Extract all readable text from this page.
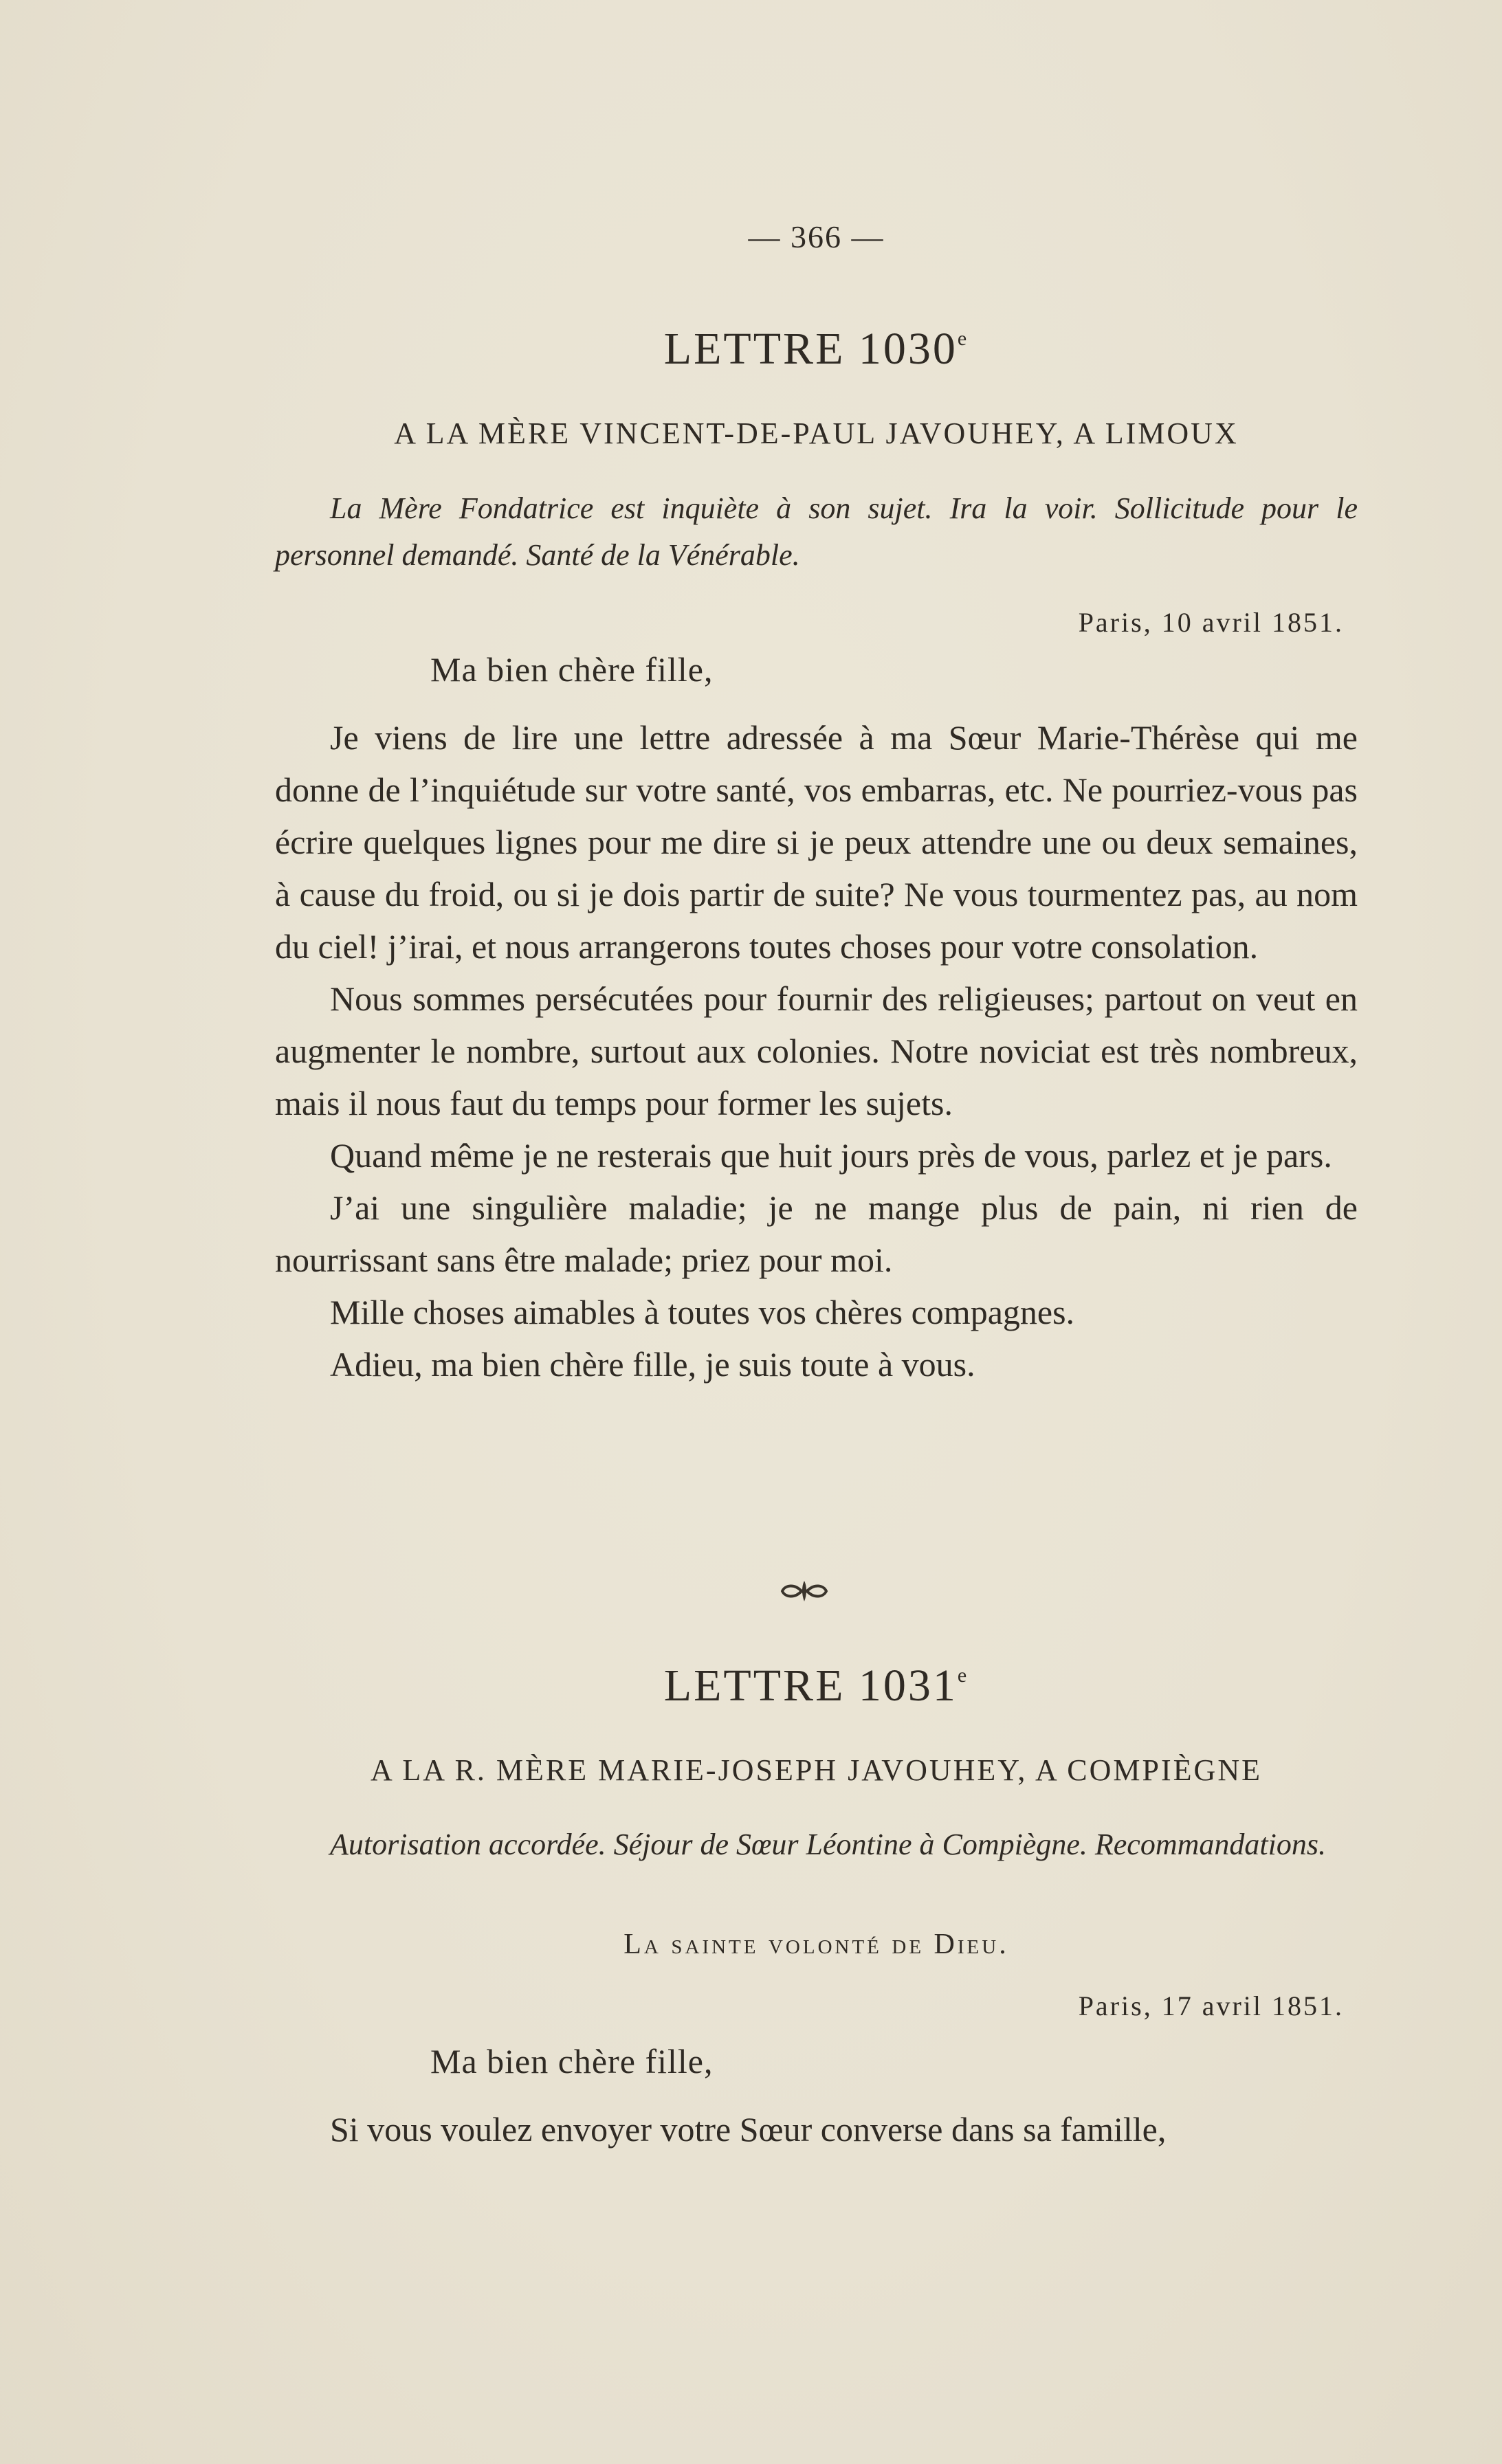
— 366 —
LETTRE 1030e
A LA MÈRE VINCENT-DE-PAUL JAVOUHEY, A LIMOUX
La Mère Fondatrice est inquiète à son sujet. Ira la voir. Sollicitude pour le personnel demandé. Santé de la Vénérable.
Paris, 10 avril 1851.
Ma bien chère fille,

Je viens de lire une lettre adressée à ma Sœur Marie-Thérèse qui me donne de l’inquiétude sur votre santé, vos embarras, etc. Ne pourriez-vous pas écrire quelques lignes pour me dire si je peux attendre une ou deux semaines, à cause du froid, ou si je dois partir de suite? Ne vous tourmentez pas, au nom du ciel! j’irai, et nous arrangerons toutes choses pour votre consolation.

Nous sommes persécutées pour fournir des religieuses; partout on veut en augmenter le nombre, surtout aux colonies. Notre noviciat est très nombreux, mais il nous faut du temps pour former les sujets.

Quand même je ne resterais que huit jours près de vous, parlez et je pars.

J’ai une singulière maladie; je ne mange plus de pain, ni rien de nourrissant sans être malade; priez pour moi.

Mille choses aimables à toutes vos chères compagnes.

Adieu, ma bien chère fille, je suis toute à vous.

LETTRE 1031e
A LA R. MÈRE MARIE-JOSEPH JAVOUHEY, A COMPIÈGNE
Autorisation accordée. Séjour de Sœur Léontine à Compiègne. Recommandations.
La sainte volonté de Dieu.
Paris, 17 avril 1851.
Ma bien chère fille,

Si vous voulez envoyer votre Sœur converse dans sa famille,
